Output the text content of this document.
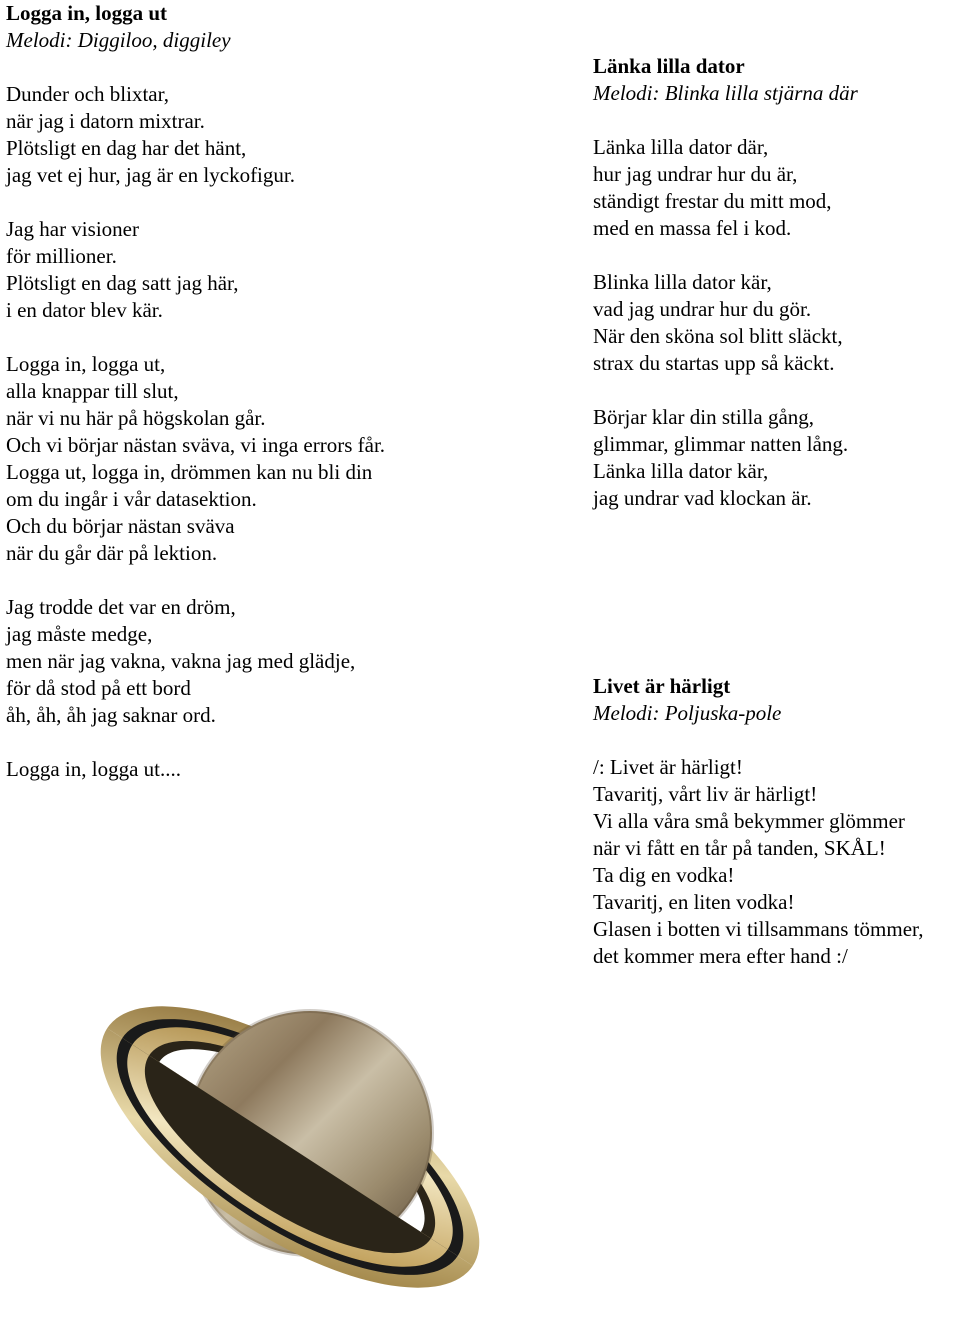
Logga in, logga ut
Melodi: Diggiloo, diggiley
Dunder och blixtar,
när jag i datorn mixtrar.
Plötsligt en dag har det hänt,
jag vet ej hur, jag är en lyckofigur.
Jag har visioner
för millioner.
Plötsligt en dag satt jag här,
i en dator blev kär.
Logga in, logga ut,
alla knappar till slut,
när vi nu här på högskolan går.
Och vi börjar nästan sväva, vi inga errors får.
Logga ut, logga in, drömmen kan nu bli din
om du ingår i vår datasektion.
Och du börjar nästan sväva
när du går där på lektion.
Jag trodde det var en dröm,
jag måste medge,
men när jag vakna, vakna jag med glädje,
för då stod på ett bord
åh, åh, åh jag saknar ord.
Logga in, logga ut....
Länka lilla dator
Melodi: Blinka lilla stjärna där
Länka lilla dator där,
hur jag undrar hur du är,
ständigt frestar du mitt mod,
med en massa fel i kod.
Blinka lilla dator kär,
vad jag undrar hur du gör.
När den sköna sol blitt släckt,
strax du startas upp så käckt.
Börjar klar din stilla gång,
glimmar, glimmar natten lång.
Länka lilla dator kär,
jag undrar vad klockan är.
Livet är härligt
Melodi: Poljuska-pole
/: Livet är härligt!
Tavaritj, vårt liv är härligt!
Vi alla våra små bekymmer glömmer
när vi fått en tår på tanden, SKÅL!
Ta dig en vodka!
Tavaritj, en liten vodka!
Glasen i botten vi tillsammans tömmer,
det kommer mera efter hand :/
